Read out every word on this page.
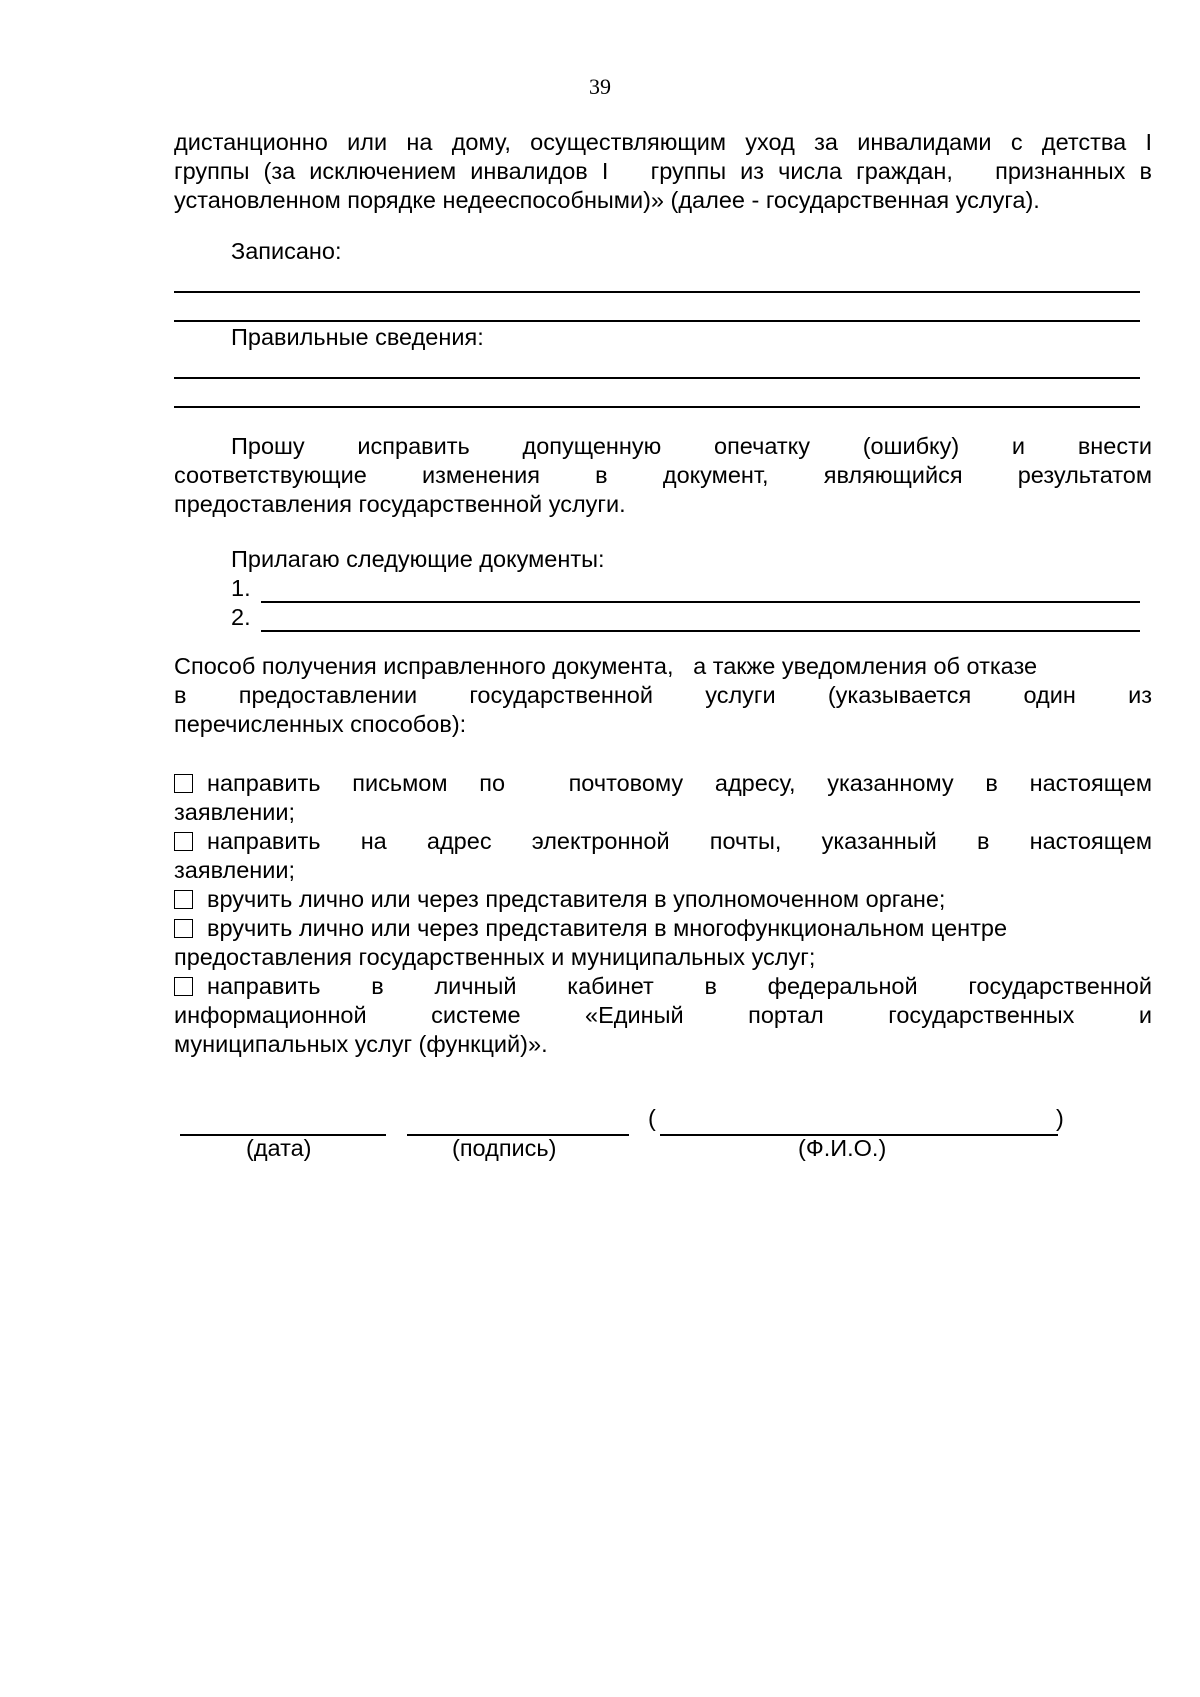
39
дистанционно или на дому, осуществляющим уход за инвалидами с детства I
группы (за исключением инвалидов I   группы из числа граждан,   признанных в
установленном порядке недееспособными)» (далее - государственная услуга).
Записано:
Правильные сведения:
Прошу исправить допущенную опечатку (ошибку) и внести
соответствующие изменения в документ, являющийся результатом
предоставления государственной услуги.
Прилагаю следующие документы:
1.
2.
Способ получения исправленного документа,   а также уведомления об отказе
в предоставлении государственной услуги (указывается один из
перечисленных способов):
направить письмом по  почтовому адресу, указанному в настоящем
заявлении;
направить на адрес электронной почты, указанный в настоящем
заявлении;
вручить лично или через представителя в уполномоченном органе;
вручить лично или через представителя в многофункциональном центре
предоставления государственных и муниципальных услуг;
направить в личный кабинет в федеральной государственной
информационной системе «Единый портал государственных и
муниципальных услуг (функций)».
(	)
(дата)	(подпись)	(Ф.И.О.)
